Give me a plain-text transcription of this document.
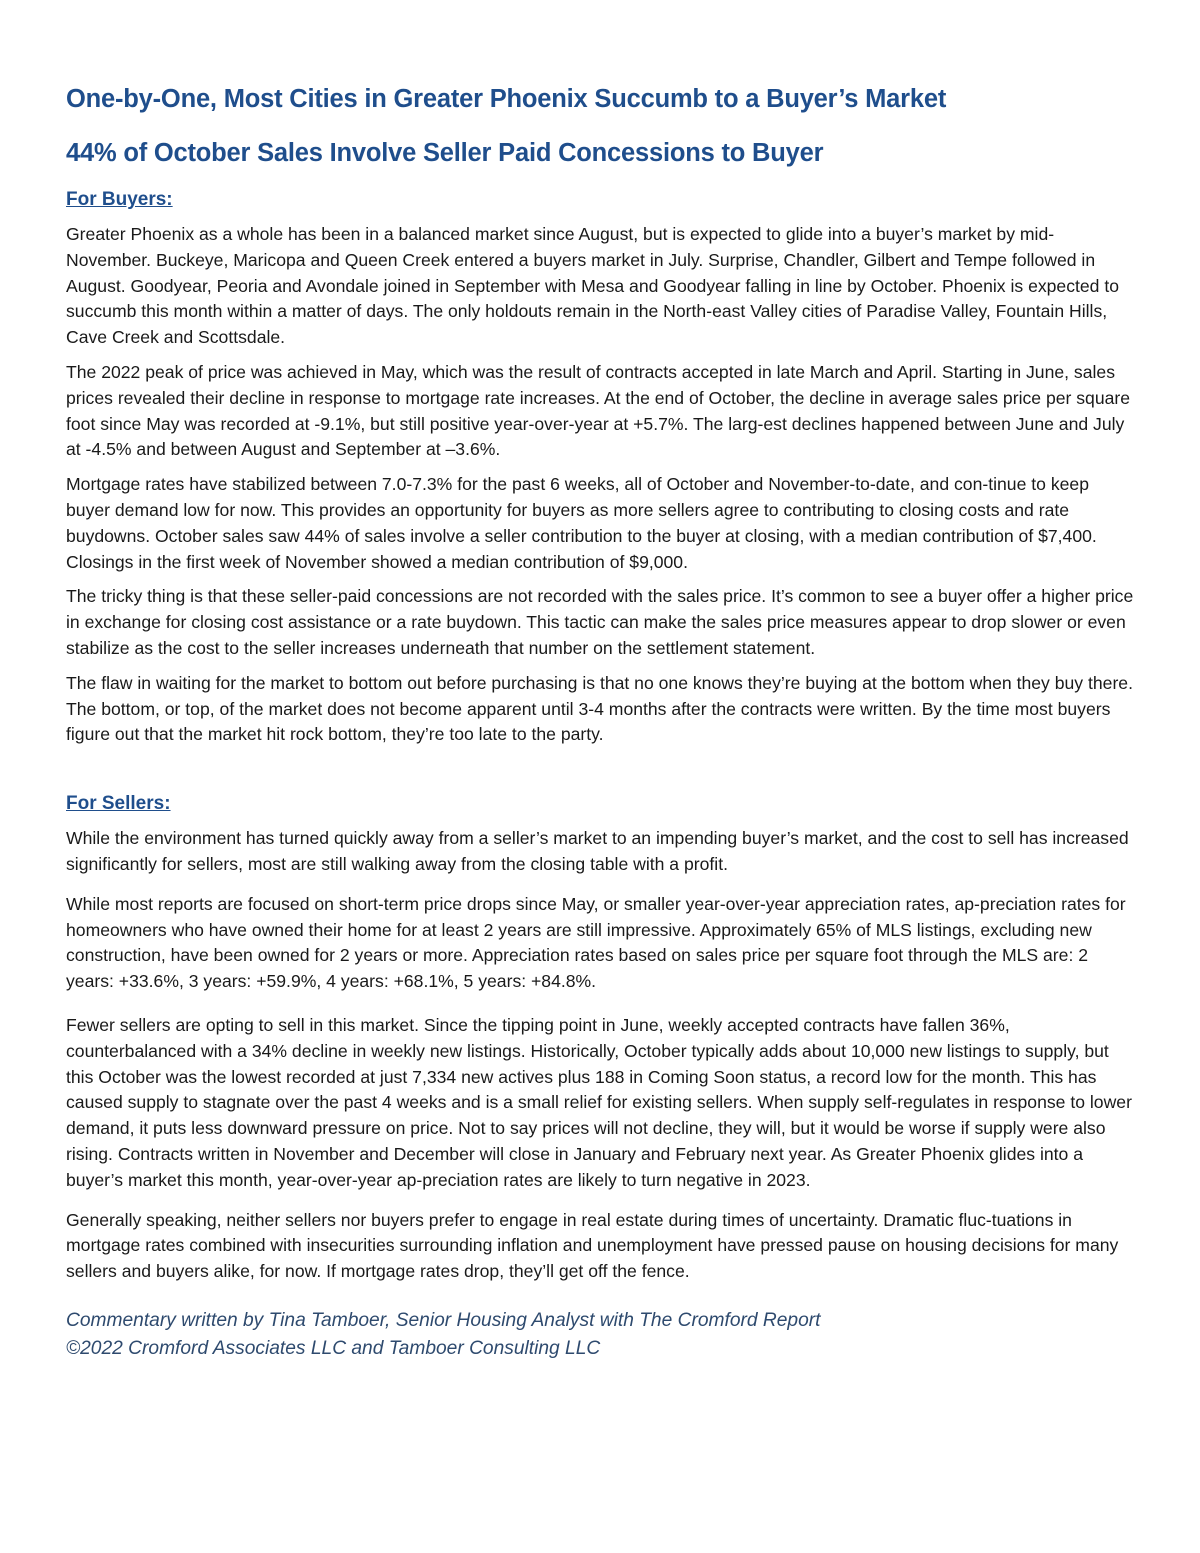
One-by-One, Most Cities in Greater Phoenix Succumb to a Buyer’s Market
44% of October Sales Involve Seller Paid Concessions to Buyer
For Buyers:

Greater Phoenix as a whole has been in a balanced market since August, but is expected to glide into a buyer’s market by mid-November. Buckeye, Maricopa and Queen Creek entered a buyers market in July. Surprise, Chandler, Gilbert and Tempe followed in August. Goodyear, Peoria and Avondale joined in September with Mesa and Goodyear falling in line by October. Phoenix is expected to succumb this month within a matter of days. The only holdouts remain in the North-east Valley cities of Paradise Valley, Fountain Hills, Cave Creek and Scottsdale.

The 2022 peak of price was achieved in May, which was the result of contracts accepted in late March and April. Starting in June, sales prices revealed their decline in response to mortgage rate increases. At the end of October, the decline in average sales price per square foot since May was recorded at -9.1%, but still positive year-over-year at +5.7%. The larg-est declines happened between June and July at -4.5% and between August and September at –3.6%.

Mortgage rates have stabilized between 7.0-7.3% for the past 6 weeks, all of October and November-to-date, and con-tinue to keep buyer demand low for now. This provides an opportunity for buyers as more sellers agree to contributing to closing costs and rate buydowns. October sales saw 44% of sales involve a seller contribution to the buyer at closing, with a median contribution of $7,400. Closings in the first week of November showed a median contribution of $9,000.

The tricky thing is that these seller-paid concessions are not recorded with the sales price. It’s common to see a buyer offer a higher price in exchange for closing cost assistance or a rate buydown. This tactic can make the sales price measures appear to drop slower or even stabilize as the cost to the seller increases underneath that number on the settlement statement.

The flaw in waiting for the market to bottom out before purchasing is that no one knows they’re buying at the bottom when they buy there. The bottom, or top, of the market does not become apparent until 3-4 months after the contracts were written. By the time most buyers figure out that the market hit rock bottom, they’re too late to the party.

For Sellers:

While the environment has turned quickly away from a seller’s market to an impending buyer’s market, and the cost to sell has increased significantly for sellers, most are still walking away from the closing table with a profit.

While most reports are focused on short-term price drops since May, or smaller year-over-year appreciation rates, ap-preciation rates for homeowners who have owned their home for at least 2 years are still impressive. Approximately 65% of MLS listings, excluding new construction, have been owned for 2 years or more. Appreciation rates based on sales price per square foot through the MLS are: 2 years: +33.6%, 3 years: +59.9%, 4 years: +68.1%, 5 years: +84.8%.

Fewer sellers are opting to sell in this market. Since the tipping point in June, weekly accepted contracts have fallen 36%, counterbalanced with a 34% decline in weekly new listings. Historically, October typically adds about 10,000 new listings to supply, but this October was the lowest recorded at just 7,334 new actives plus 188 in Coming Soon status, a record low for the month. This has caused supply to stagnate over the past 4 weeks and is a small relief for existing sellers. When supply self-regulates in response to lower demand, it puts less downward pressure on price. Not to say prices will not decline, they will, but it would be worse if supply were also rising. Contracts written in November and December will close in January and February next year. As Greater Phoenix glides into a buyer’s market this month, year-over-year ap-preciation rates are likely to turn negative in 2023.

Generally speaking, neither sellers nor buyers prefer to engage in real estate during times of uncertainty. Dramatic fluc-tuations in mortgage rates combined with insecurities surrounding inflation and unemployment have pressed pause on housing decisions for many sellers and buyers alike, for now. If mortgage rates drop, they’ll get off the fence.

Commentary written by Tina Tamboer, Senior Housing Analyst with The Cromford Report

©2022 Cromford Associates LLC and Tamboer Consulting LLC
